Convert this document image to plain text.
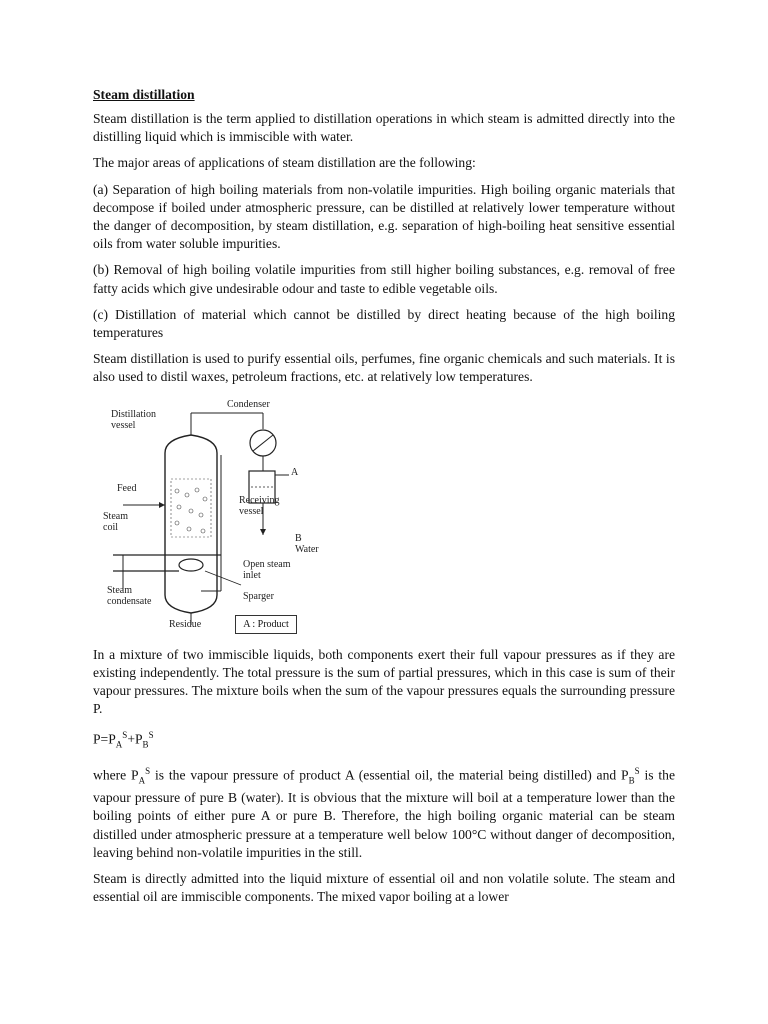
Steam distillation

Steam distillation is the term applied to distillation operations in which steam is admitted directly into the distilling liquid which is immiscible with water.

The major areas of applications of steam distillation are the following:

(a) Separation of high boiling materials from non-volatile impurities. High boiling organic materials that decompose if boiled under atmospheric pressure, can be distilled at relatively lower temperature without the danger of decomposition, by steam distillation, e.g. separation of high-boiling heat sensitive essential oils from water soluble impurities.

(b) Removal of high boiling volatile impurities from still higher boiling substances, e.g. removal of free fatty acids which give undesirable odour and taste to edible vegetable oils.

(c) Distillation of material which cannot be distilled by direct heating because of the high boiling temperatures

Steam distillation is used to purify essential oils, perfumes, fine organic chemicals and such materials. It is also used to distil waxes, petroleum fractions, etc. at relatively low temperatures.

Distillation
vessel
Condenser
Feed
Steam
coil
Receiving
vessel
A
B
Water
Open steam
inlet
Steam
condensate	Sparger
Residue	A : Product

In a mixture of two immiscible liquids, both components exert their full vapour pressures as if they are existing independently. The total pressure is the sum of partial pressures, which in this case is sum of their vapour pressures. The mixture boils when the sum of the vapour pressures equals the surrounding pressure P.

$P=P_A^S+P_B^S$

where $P_A^S$ is the vapour pressure of product A (essential oil, the material being distilled) and $P_B^S$ is the vapour pressure of pure B (water). It is obvious that the mixture will boil at a temperature lower than the boiling points of either pure A or pure B. Therefore, the high boiling organic material can be steam distilled under atmospheric pressure at a temperature well below 100°C without danger of decomposition, leaving behind non-volatile impurities in the still.

Steam is directly admitted into the liquid mixture of essential oil and non volatile solute. The steam and essential oil are immiscible components. The mixed vapor boiling at a lower
